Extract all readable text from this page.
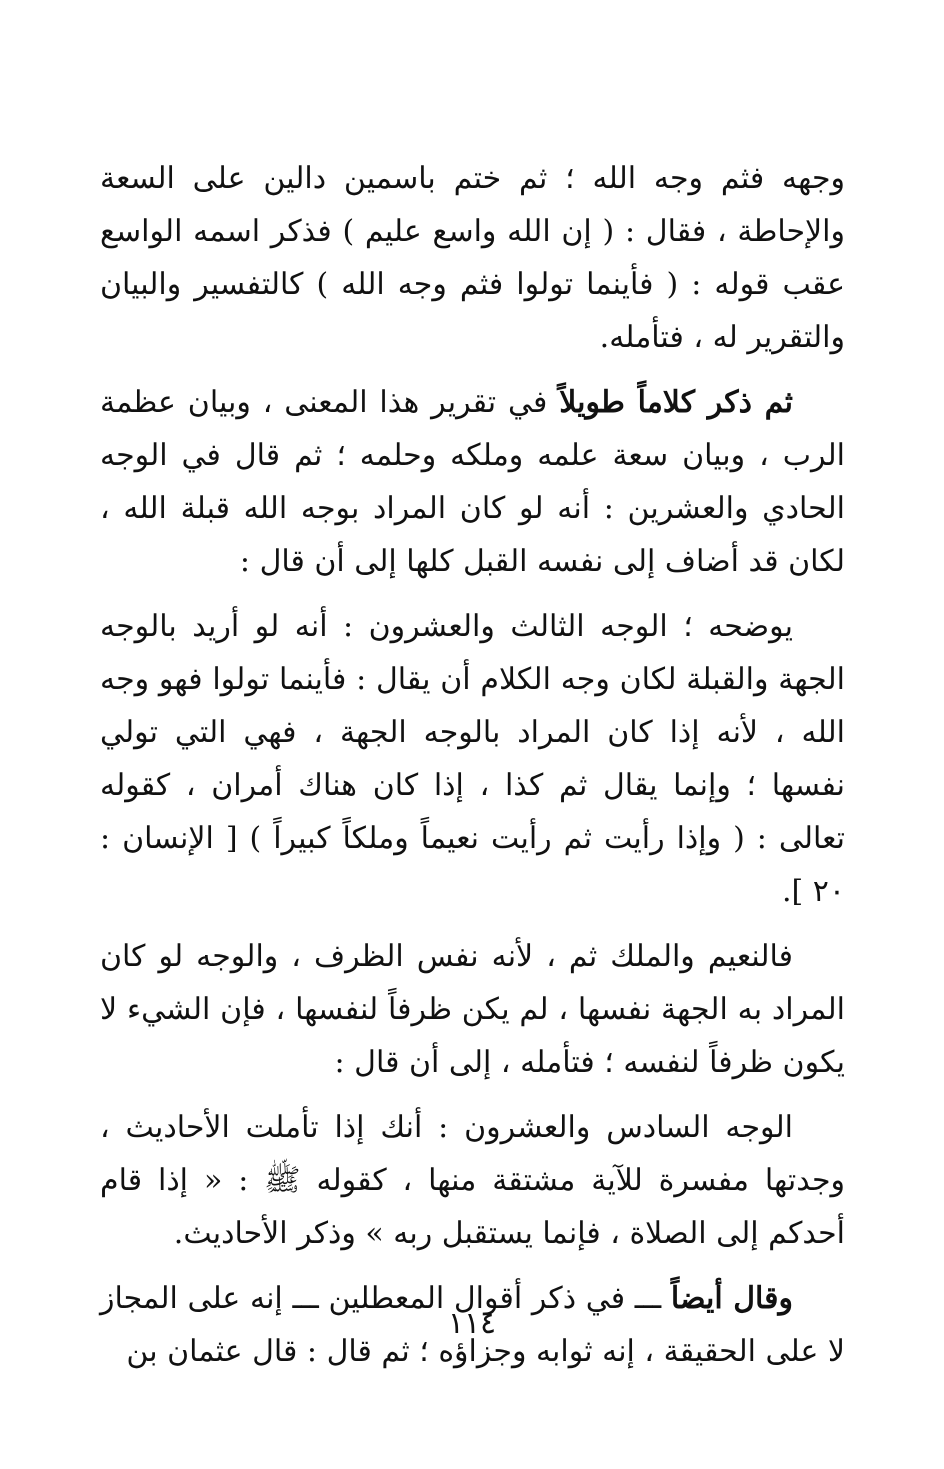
وجهه فثم وجه الله ؛ ثم ختم باسمين دالين على السعة والإحاطة ، فقال : ( إن الله واسع عليم ) فذكر اسمه الواسع عقب قوله : ( فأينما تولوا فثم وجه الله ) كالتفسير والبيان والتقرير له ، فتأمله.

ثم ذكر كلاماً طويلاً في تقرير هذا المعنى ، وبيان عظمة الرب ، وبيان سعة علمه وملكه وحلمه ؛ ثم قال في الوجه الحادي والعشرين : أنه لو كان المراد بوجه الله قبلة الله ، لكان قد أضاف إلى نفسه القبل كلها إلى أن قال :

يوضحه ؛ الوجه الثالث والعشرون : أنه لو أريد بالوجه الجهة والقبلة لكان وجه الكلام أن يقال : فأينما تولوا فهو وجه الله ، لأنه إذا كان المراد بالوجه الجهة ، فهي التي تولي نفسها ؛ وإنما يقال ثم كذا ، إذا كان هناك أمران ، كقوله تعالى : ( وإذا رأيت ثم رأيت نعيماً وملكاً كبيراً ) [ الإنسان : ٢٠ ].

فالنعيم والملك ثم ، لأنه نفس الظرف ، والوجه لو كان المراد به الجهة نفسها ، لم يكن ظرفاً لنفسها ، فإن الشيء لا يكون ظرفاً لنفسه ؛ فتأمله ، إلى أن قال :

الوجه السادس والعشرون : أنك إذا تأملت الأحاديث ، وجدتها مفسرة للآية مشتقة منها ، كقوله ﷺ : « إذا قام أحدكم إلى الصلاة ، فإنما يستقبل ربه » وذكر الأحاديث.

وقال أيضاً ـــ في ذكر أقوال المعطلين ـــ إنه على المجاز لا على الحقيقة ، إنه ثوابه وجزاؤه ؛ ثم قال : قال عثمان بن

١١٤
